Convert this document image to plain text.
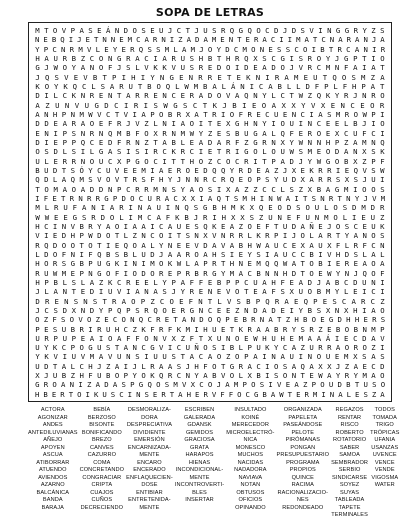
SOPA DE LETRAS
M T O V P A S E Á N D O S E U J C T J U S R Q G Q O C D J D S V I N G G R Y Z S
N E B Q I J E T N N E M C A R N I Z A D A M E N T E R A C I I M A T C N A R A N J A
Y P C N R M V L E Y E R Q S S M L A M J O Y D C M O N E S S C O I B T R C A N I R
H A U R B Z C O N G R A C I A R U S H B T H R Q X S C G I S R O Y J G P T I O
G J W O Y A N O F J S L V K K V U S R E D O I D E A D O J V R C M N F A I A T
J Q S V E V B T P I H I Y N G E N R R E T E K N I R A M E U T Q O S M Z A
K O Y K Q C L S A R U T B O Q L W M B A L Á N I C A B L L D F P L F H P A T
D I L C K N R E N T A R R E N C E R A D O V A Q N Y L C T W Z Q K Y R J N R O
A Z U N V U G D C I R I S W G S C T K J B I E O A X X Y V X E N C E O R
A N H P N M W V C T V I A P O B R X A T R I O F R E C U E N C I A S M R O W P I
D D E A R A O E F R J V Z L N I A O I T E X G H N Y I O U I N C E E L B J I O
E N I P S N R N Q M B F O X R N M W Y Z E S B U G A L Q F E R O E X C U F C I
D I E P P Q C E D F R N Z T A B L E A D A R F Z G R N X Y W N N H P Z A M N Q
O S D L S I L G A S I S I R C K R C I E T R I G O L O U W S M E O D A N X S K
U L E R R N O U C X P G O C I T T H O Z C O C R I T P A D J Y W G O B X Z P F
B U D T S Ó Y C U V E E M I A E R O E D Q Q Y R D E A Z J X E K R R I E Q V S W
Q D L A Q M S V O V T R S F H Y J N N R C R Q E O P S Y U D X A R R S X S J U I
T O M A O A D D N P C R R M N S Y A O S I X A Z Z C C L S Z X B A G M I O O S
I F E T R N R R G P D O C U R A C X X I A Q T S M H I N W A I T S N R T N Y J V M
M L R U F A N I A R I N A U I N Q S G B H M K X Q E O D S O U L O S D M D R
W W E E G S R D O L I M C A F K B J R I H X X S Z U N E F U N M O L I E U Z
H C I N V B R Y A O I A A I C A U E S Q K E A Z O E F T U D A Ñ E J O S C E U K
V I E D H P W D O T L Z N C O I T S N X V N R R L K R P I J O L A R T Y A N O S
R Q D O O T O T I E Q O A L Y N E E V D A V A B H W A U C E X A U X F L R F C N
L D O F N I F Q B S B L U D J A A R O A H S I E Y S I A U C C B I V H D S L A L
H O R S G B P U G K I N I M O K W L A P R T H N E M Q Q W A T O B I E R E A O A
R U W M E P N G O F I O D O R E P R B R G Y M A C B N N H D T O E W Y N J Q O F
H P B L S L A Z K C R E E L Y P A F F E B P P C U A H F E A D J A B C D U N I
J L A N T E D I U V I A N A S J Y R E N E V O T E A F S X U O B M Y L E I C I
D R E N S N S T R A O P Z C O E F N T L V S B P Q R A E Q P E S C A R C Z
J C S D X N D Y P Q P S R Q O E R G N C E E Z N D A D E I Y B S X N X H I A O
O Z F S O V O Z E C O N Q C R E T A N D O Q P E B R N A T Z H B O E G D H H E R S
P E S U B R I R U H C Z K F R F K M I H U E T K R A A B R Y S R Z E B O B N M P
U R P U P E A I O A F F O N V X Z F T X U N O E W H U H E M A A Á I E C D A V
U Y K C P O G U S T A N C G V I C U Ñ O S I B L P U K Y C A Z U R R A O R O Z I
Y K V I U V M A V U N S I U U S T A C A O Z O P A I N A U I N O U E M X S A S
U D T A L C H J Z A I J L R A A S J H F O T G R A C I O S A Q A X X J Z A E C D
X J U B Z H F U B O P Y O K Q R C N Y A B V O L X B I S O N T E W A Y R Y M A O
G R O A N I Z A D A S P G Q O S M V X C O J A M P O S I V E A Z P O U D B T U S O
H B E R T O I K U S C I N S E R T A H E R V F F O C G B A W T E R M I N A L E S Z A
ACTORA
AGONIZAR
ANDES
ANTEDILUVIANAS
AÑEJO
APOYEN
ASCUA
ATIBORRAR
ATUENDO
AVIENDOS
AZARNO
BALCÁNICA
BANDA
BARAJA
BEBÍA
BERZOSO
BISONTE
BONIFICANDO
BREZO
CANVES
CAZURRO
COMA
CONCRETANDO
CONGRACIAR
CRIPTA
CUAJOS
CUÑOS
DECRECIENDO
DESMORALIZA-
DORA
DESPRECIATIVA
DIVIDIENTE
EMERSIÓN
ENCARNIZADA-
MENTE
ENCARO
ENCERADO
ENFLAQUECIEN-
DOSE
ENTIBIAR
ENTRETENIDA-
MENTE
ESCRIBEN
GALERADA
GDANSK
GEMIDOS
GRACIOSA
GRATA
HARAPOS
HIENAS
INCONDICIONAL-
MENTE
INCONTROVERTI-
BLES
INSERTAR
INSULTADO
KOINÉ
MERECEDOR
MICROELECTRÓ-
NICA
MONESCO
MUCHOS
NACIDAS
NADADORA
NAVIAVA
NOTAN
OBTUSOS
OFICIOS
OPINANDO
ORGANIZADA
PAPELETA
PASEÁNDOSE
PELOTE
PIRÓMANAS
PONGAN
PRESUPUESTARIO
PROGRAMA
PROPIOS
QUINCE
RACIMA
RACIONALIZACIO-
NES
REDONDEADO
REGAZOS
RENTAR
RISCO
ROBERTO
ROTATORIO
SABER
SAMOA
SEMBRADOR
SERBIO
SINDICARSE
SOYEZ
SUYAS
TABLEADA
TAPETE
TERMINALES
TODOS
TOMADA
TRIGO
TRÓPICAS
UFANIA
USANZAS
UVENCE
VENCE
VENDE
VIGOSMA
WATER
